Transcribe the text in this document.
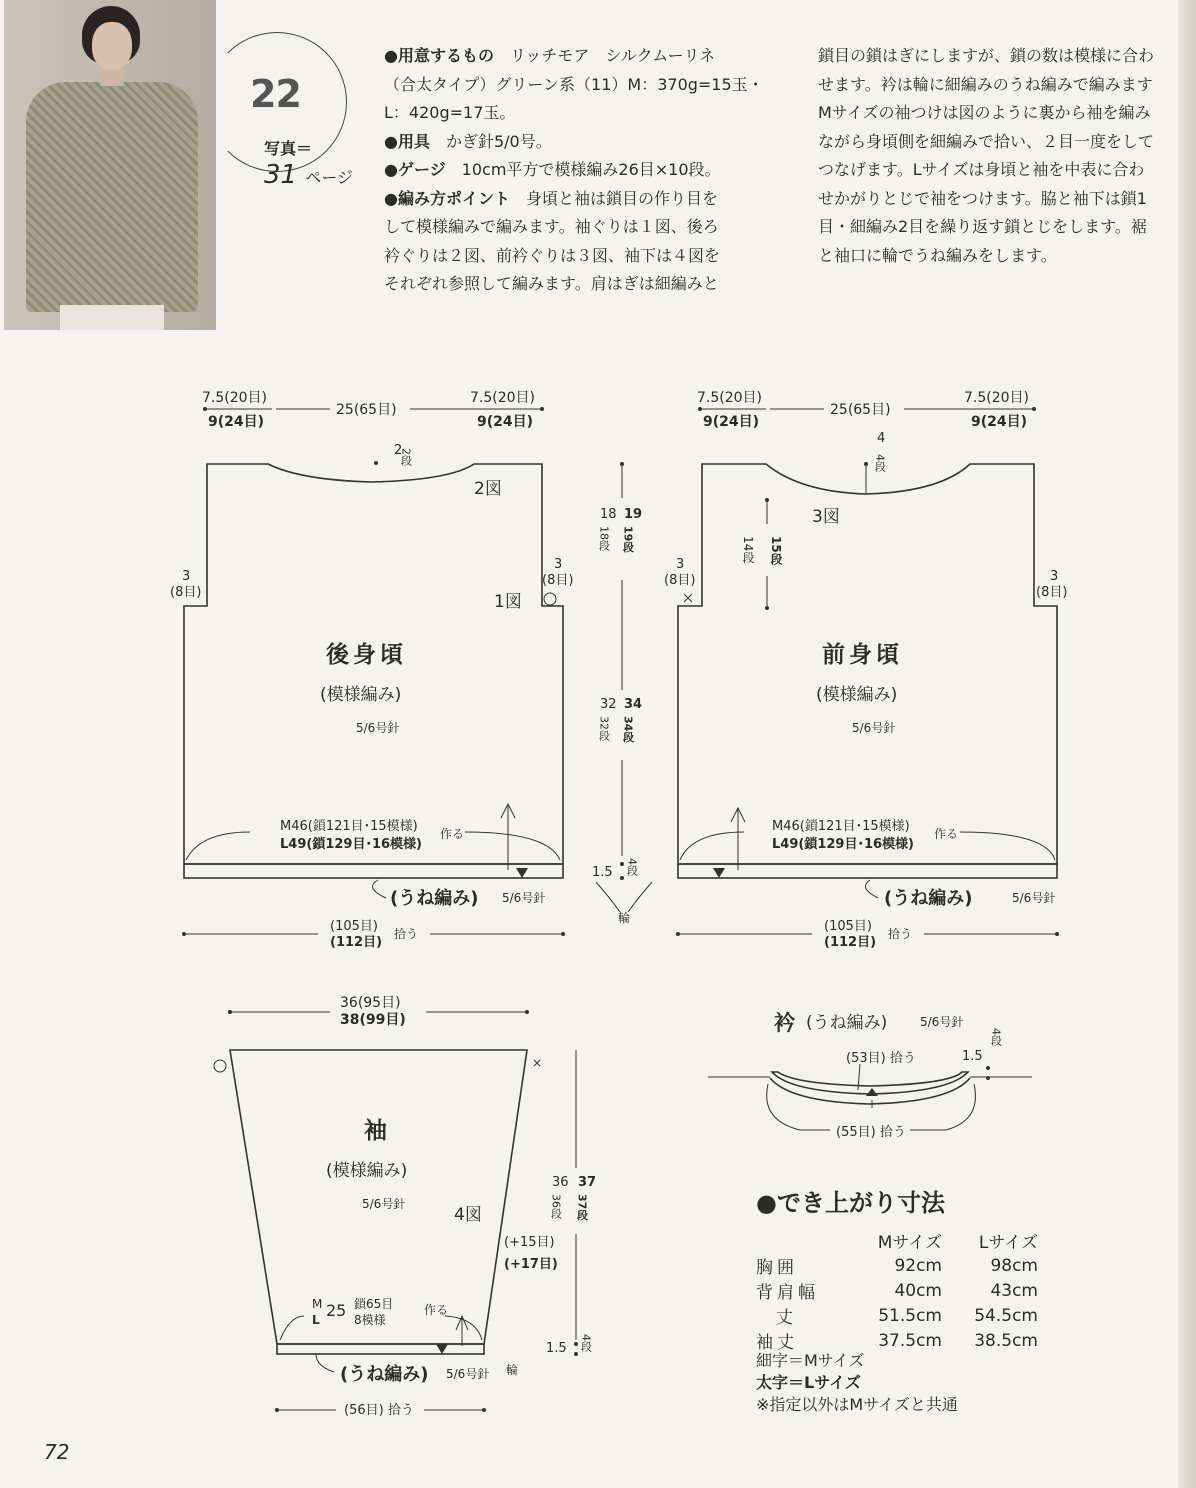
22
写真＝
31 ページ
●用意するもの　リッチモア　シルクムーリネ
（合太タイプ）グリーン系（11）M：370g=15玉・
L：420g=17玉。
●用具　かぎ針5/0号。
●ゲージ　10cm平方で模様編み26目×10段。
●編み方ポイント　身頃と袖は鎖目の作り目を
して模様編みで編みます。袖ぐりは１図、後ろ
衿ぐりは２図、前衿ぐりは３図、袖下は４図を
それぞれ参照して編みます。肩はぎは細編みと
鎖目の鎖はぎにしますが、鎖の数は模様に合わ
せます。衿は輪に細編みのうね編みで編みます
Mサイズの袖つけは図のように裏から袖を編み
ながら身頃側を細編みで拾い、２目一度をして
つなげます。Lサイズは身頃と袖を中表に合わ
せかがりとじで袖をつけます。脇と袖下は鎖1
目・細編み2目を繰り返す鎖とじをします。裾
と袖口に輪でうね編みをします。
7.5(20目)
9(24目)
25(65目)
7.5(20目)
9(24目)
2
2段
2図
1図
3
(8目)
3
(8目)
後身頃
(模様編み)
5/6号針
M46(鎖121目･15模様)
L49(鎖129目･16模様)
作る
(うね編み) 5/6号針
(105目)
(112目)
拾う
18 19
18段 19段
32 34
32段 34段
1.5 4段
輪
7.5(20目)
9(24目)
25(65目)
7.5(20目)
9(24目)
4
4段
3図
14段 15段
3
(8目)	3
(8目)
前身頃
(模様編み)
5/6号針
M46(鎖121目･15模様)
L49(鎖129目･16模様)
作る
(うね編み)	5/6号針
(105目)
(112目)
拾う
36(95目)
38(99目)
袖
(模様編み)
5/6号針
4図
36 37
36段 37段
(+15目)
(+17目)
M
L 25 鎖65目
8模様
作る
(うね編み) 5/6号針 輪
1.5 4段
(56目) 拾う
衿 (うね編み)	5/6号針
(53目) 拾う
(55目) 拾う
1.5
4段
●でき上がり寸法
	Mサイズ	Lサイズ
胸囲	92cm	98cm
背肩幅	40cm	43cm
丈	51.5cm	54.5cm
袖丈	37.5cm	38.5cm
細字＝Mサイズ
太字＝Lサイズ
※指定以外はMサイズと共通
72
